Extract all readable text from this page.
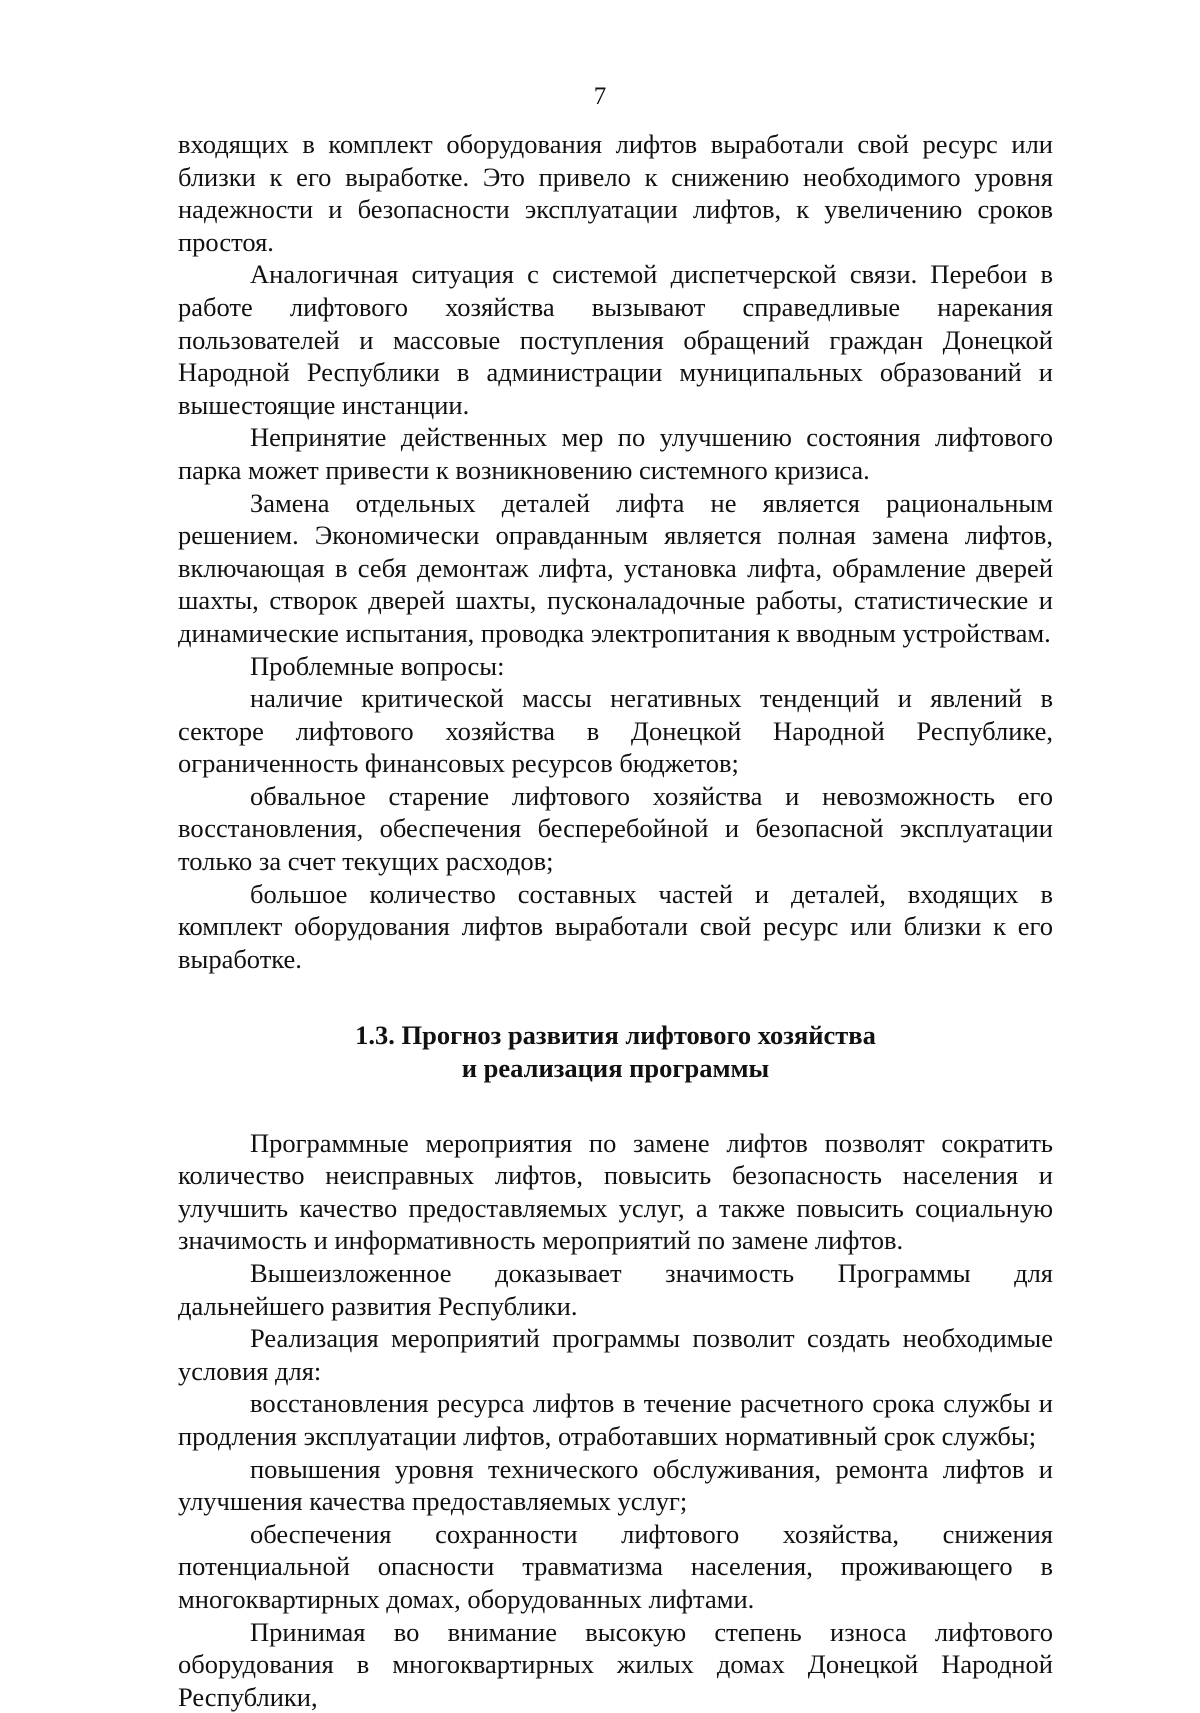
7

входящих в комплект оборудования лифтов выработали свой ресурс или близки к его выработке. Это привело к снижению необходимого уровня надежности и безопасности эксплуатации лифтов, к увеличению сроков простоя.

Аналогичная ситуация с системой диспетчерской связи. Перебои в работе лифтового хозяйства вызывают справедливые нарекания пользователей и массовые поступления обращений граждан Донецкой Народной Республики в администрации муниципальных образований и вышестоящие инстанции.

Непринятие действенных мер по улучшению состояния лифтового парка может привести к возникновению системного кризиса.

Замена отдельных деталей лифта не является рациональным решением. Экономически оправданным является полная замена лифтов, включающая в себя демонтаж лифта, установка лифта, обрамление дверей шахты, створок дверей шахты, пусконаладочные работы, статистические и динамические испытания, проводка электропитания к вводным устройствам.

Проблемные вопросы:

наличие критической массы негативных тенденций и явлений в секторе лифтового хозяйства в Донецкой Народной Республике, ограниченность финансовых ресурсов бюджетов;

обвальное старение лифтового хозяйства и невозможность его восстановления, обеспечения бесперебойной и безопасной эксплуатации только за счет текущих расходов;

большое количество составных частей и деталей, входящих в комплект оборудования лифтов выработали свой ресурс или близки к его выработке.

1.3. Прогноз развития лифтового хозяйства
и реализация программы

Программные мероприятия по замене лифтов позволят сократить количество неисправных лифтов, повысить безопасность населения и улучшить качество предоставляемых услуг, а также повысить социальную значимость и информативность мероприятий по замене лифтов.

Вышеизложенное доказывает значимость Программы для дальнейшего развития Республики.

Реализация мероприятий программы позволит создать необходимые условия для:

восстановления ресурса лифтов в течение расчетного срока службы и продления эксплуатации лифтов, отработавших нормативный срок службы;

повышения уровня технического обслуживания, ремонта лифтов и улучшения качества предоставляемых услуг;

обеспечения сохранности лифтового хозяйства, снижения потенциальной опасности травматизма населения, проживающего в многоквартирных домах, оборудованных лифтами.

Принимая во внимание высокую степень износа лифтового оборудования в многоквартирных жилых домах Донецкой Народной Республики,
